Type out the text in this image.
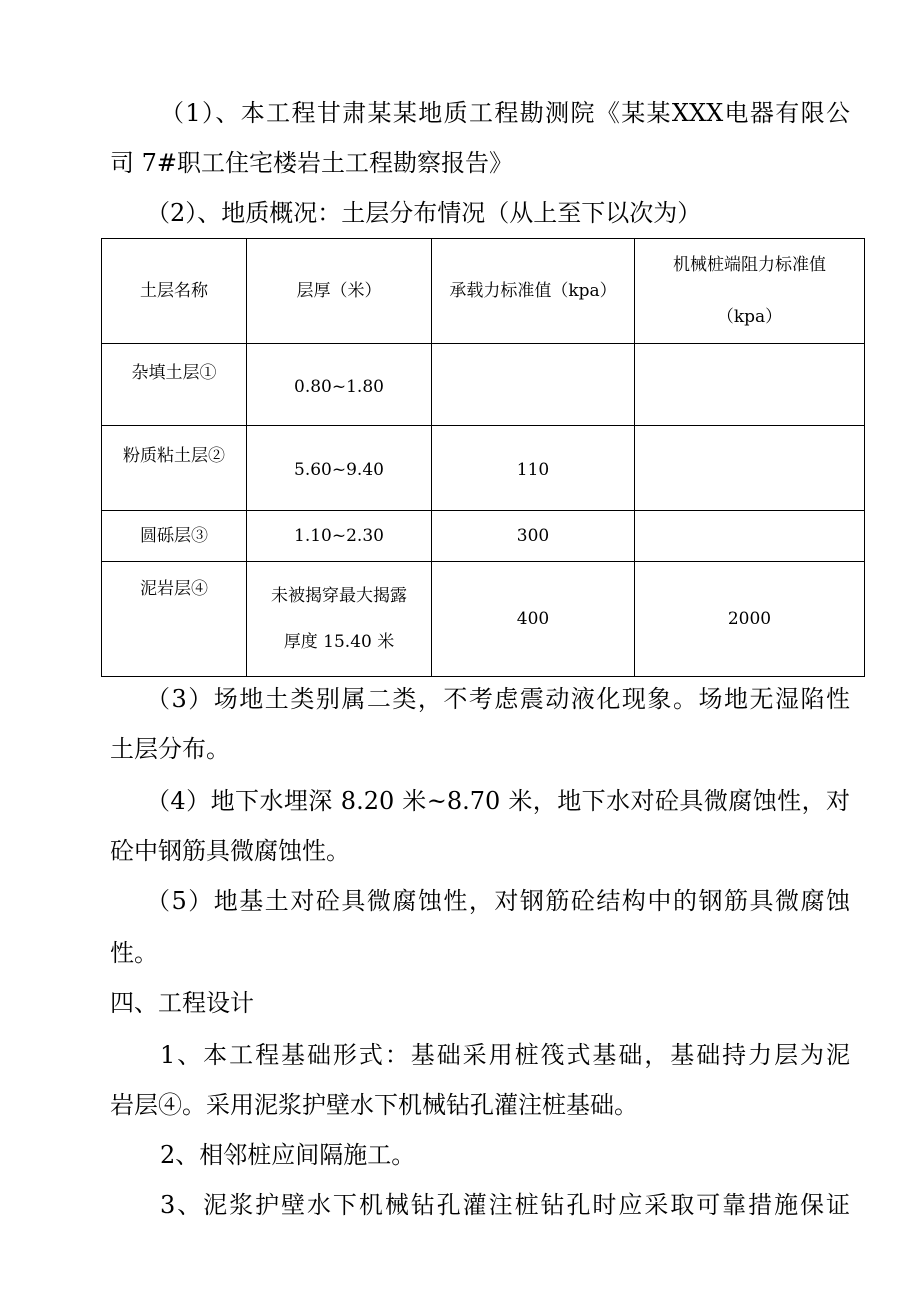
（1）、本工程甘肃某某地质工程勘测院《某某XXX电器有限公
司 7#职工住宅楼岩土工程勘察报告》
（2）、地质概况：土层分布情况（从上至下以次为）
土层名称	层厚（米）	承载力标准值（kpa）	机械桩端阻力标准值
（kpa）

杂填土层①	0.80~1.80		

粉质粘土层②	5.60~9.40	110	
圆砾层③	1.10~2.30	300	
泥岩层④	未被揭穿最大揭露
厚度 15.40 米	400	2000
（3）场地土类别属二类，不考虑震动液化现象。场地无湿陷性
土层分布。
（4）地下水埋深 8.20 米~8.70 米，地下水对砼具微腐蚀性，对
砼中钢筋具微腐蚀性。
（5）地基土对砼具微腐蚀性，对钢筋砼结构中的钢筋具微腐蚀
性。
四、工程设计
1、本工程基础形式：基础采用桩筏式基础，基础持力层为泥
岩层④。采用泥浆护壁水下机械钻孔灌注桩基础。
2、相邻桩应间隔施工。
3、泥浆护壁水下机械钻孔灌注桩钻孔时应采取可靠措施保证
